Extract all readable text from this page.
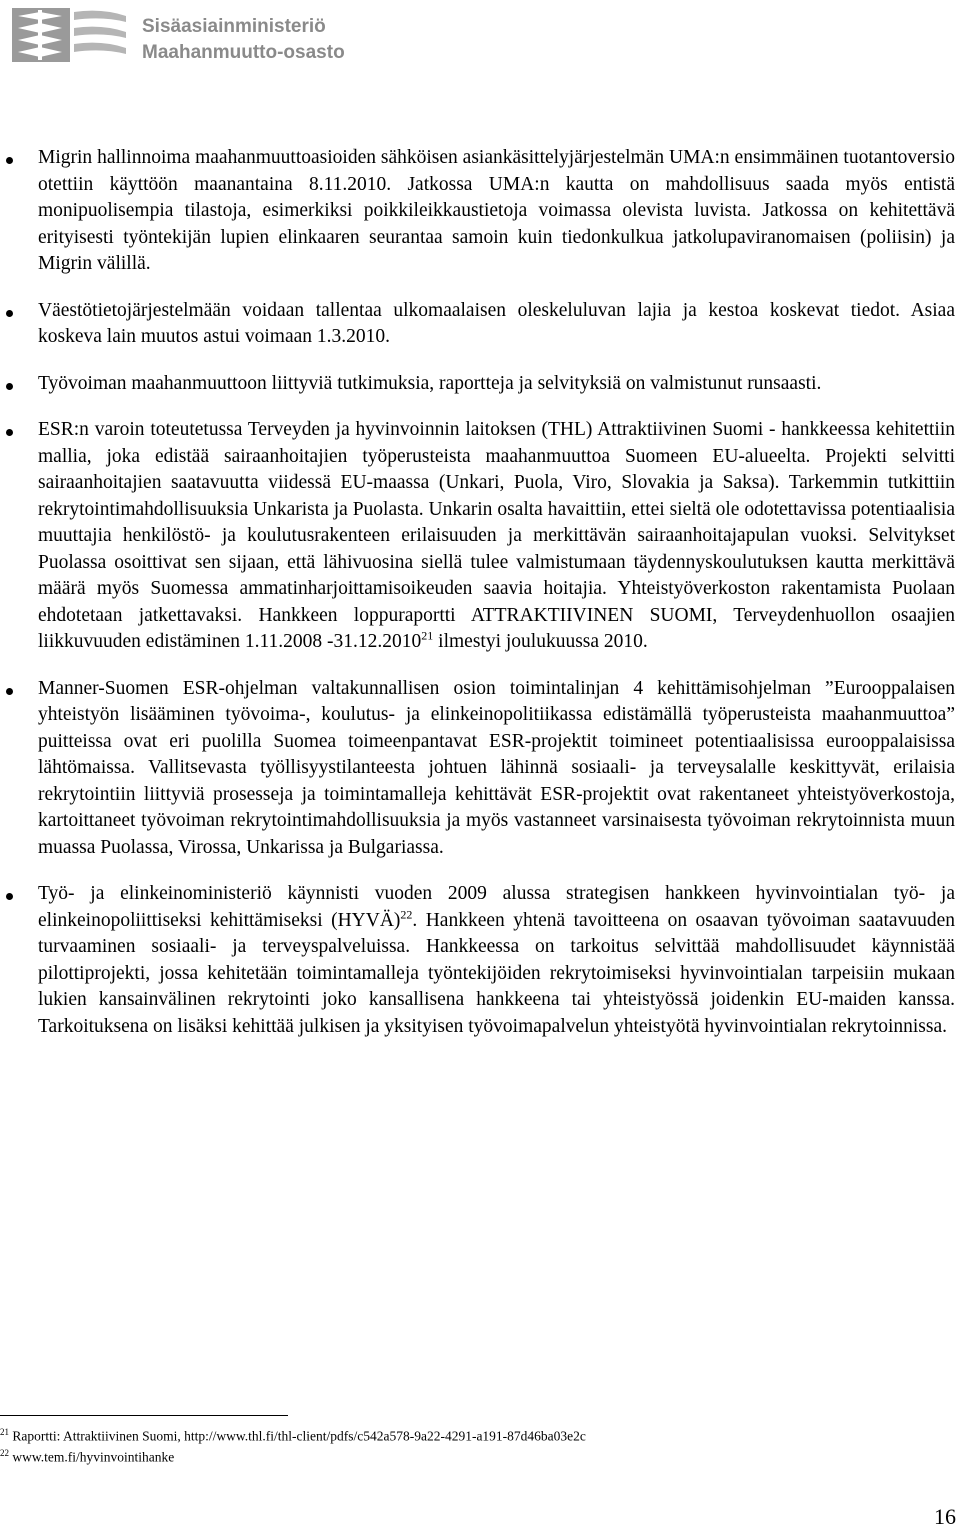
Sisäasiainministeriö
Maahanmuutto-osasto
Migrin hallinnoima maahanmuuttoasioiden sähköisen asiankäsittelyjärjestelmän UMA:n ensimmäinen tuotantoversio otettiin käyttöön maanantaina 8.11.2010. Jatkossa UMA:n kautta on mahdollisuus saada myös entistä monipuolisempia tilastoja, esimerkiksi poikkileikkaustietoja voimassa olevista luvista. Jatkossa on kehitettävä erityisesti työntekijän lupien elinkaaren seurantaa samoin kuin tiedonkulkua jatkolupaviranomaisen (poliisin) ja Migrin välillä.
Väestötietojärjestelmään voidaan tallentaa ulkomaalaisen oleskeluluvan lajia ja kestoa koskevat tiedot. Asiaa koskeva lain muutos astui voimaan 1.3.2010.
Työvoiman maahanmuuttoon liittyviä tutkimuksia, raportteja ja selvityksiä on valmistunut runsaasti.
ESR:n varoin toteutetussa Terveyden ja hyvinvoinnin laitoksen (THL) Attraktiivinen Suomi - hankkeessa kehitettiin mallia, joka edistää sairaanhoitajien työperusteista maahanmuuttoa Suomeen EU-alueelta. Projekti selvitti sairaanhoitajien saatavuutta viidessä EU-maassa (Unkari, Puola, Viro, Slovakia ja Saksa). Tarkemmin tutkittiin rekrytointimahdollisuuksia Unkarista ja Puolasta. Unkarin osalta havaittiin, ettei sieltä ole odotettavissa potentiaalisia muuttajia henkilöstö- ja koulutusrakenteen erilaisuuden ja merkittävän sairaanhoitajapulan vuoksi. Selvitykset Puolassa osoittivat sen sijaan, että lähivuosina siellä tulee valmistumaan täydennyskoulutuksen kautta merkittävä määrä myös Suomessa ammatinharjoittamisoikeuden saavia hoitajia. Yhteistyöverkoston rakentamista Puolaan ehdotetaan jatkettavaksi. Hankkeen loppuraportti ATTRAKTIIVINEN SUOMI, Terveydenhuollon osaajien liikkuvuuden edistäminen 1.11.2008 -31.12.2010$^{21}$ ilmestyi joulukuussa 2010.
Manner-Suomen ESR-ohjelman valtakunnallisen osion toimintalinjan 4 kehittämisohjelman ”Eurooppalaisen yhteistyön lisääminen työvoima-, koulutus- ja elinkeinopolitiikassa edistämällä työperusteista maahanmuuttoa” puitteissa ovat eri puolilla Suomea toimeenpantavat ESR-projektit toimineet potentiaalisissa eurooppalaisissa lähtömaissa. Vallitsevasta työllisyystilanteesta johtuen lähinnä sosiaali- ja terveysalalle keskittyvät, erilaisia rekrytointiin liittyviä prosesseja ja toimintamalleja kehittävät ESR-projektit ovat rakentaneet yhteistyöverkostoja, kartoittaneet työvoiman rekrytointimahdollisuuksia ja myös vastanneet varsinaisesta työvoiman rekrytoinnista muun muassa Puolassa, Virossa, Unkarissa ja Bulgariassa.
Työ- ja elinkeinoministeriö käynnisti vuoden 2009 alussa strategisen hankkeen hyvinvointialan työ- ja elinkeinopoliittiseksi kehittämiseksi (HYVÄ)$^{22}$. Hankkeen yhtenä tavoitteena on osaavan työvoiman saatavuuden turvaaminen sosiaali- ja terveyspalveluissa. Hankkeessa on tarkoitus selvittää mahdollisuudet käynnistää pilottiprojekti, jossa kehitetään toimintamalleja työntekijöiden rekrytoimiseksi hyvinvointialan tarpeisiin mukaan lukien kansainvälinen rekrytointi joko kansallisena hankkeena tai yhteistyössä joidenkin EU-maiden kanssa. Tarkoituksena on lisäksi kehittää julkisen ja yksityisen työvoimapalvelun yhteistyötä hyvinvointialan rekrytoinnissa.
$^{21}$ Raportti: Attraktiivinen Suomi, http://www.thl.fi/thl-client/pdfs/c542a578-9a22-4291-a191-87d46ba03e2c
$^{22}$ www.tem.fi/hyvinvointihanke
16
